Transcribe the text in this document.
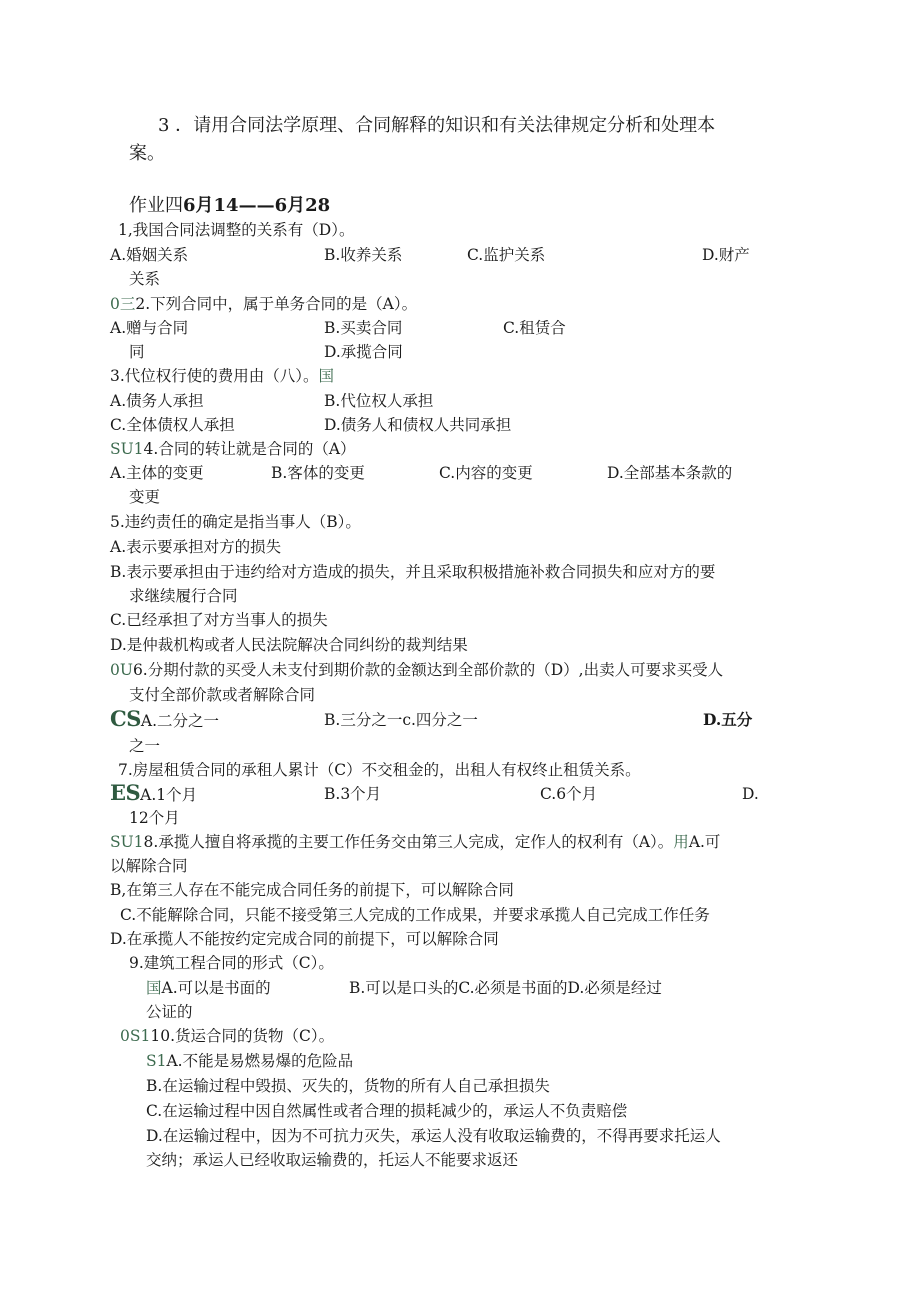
3 ．请用合同法学原理、合同解释的知识和有关法律规定分析和处理本
案。
作业四6月14——6月28
1,我国合同法调整的关系有（D）。
A.婚姻关系	B.收养关系	C.监护关系	D.财产
关系
0三2.下列合同中，属于单务合同的是（A）。
A.赠与合同	B.买卖合同	C.租赁合
同	D.承揽合同
3.代位权行使的费用由（八）。国
A.债务人承担	B.代位权人承担
C.全体债权人承担	D.债务人和债权人共同承担
SU14.合同的转让就是合同的（A）
A.主体的变更	B.客体的变更	C.内容的变更	D.全部基本条款的
变更
5.违约责任的确定是指当事人（B）。
A.表示要承担对方的损失
B.表示要承担由于违约给对方造成的损失，并且采取积极措施补救合同损失和应对方的要
求继续履行合同
C.已经承担了对方当事人的损失
D.是仲裁机构或者人民法院解决合同纠纷的裁判结果
0U6.分期付款的买受人未支付到期价款的金额达到全部价款的（D）,出卖人可要求买受人
支付全部价款或者解除合同
CSA.二分之一	B.三分之一c.四分之一	D.五分
之一
7.房屋租赁合同的承租人累计（C）不交租金的，出租人有权终止租赁关系。
ESA.1个月	B.3个月	C.6个月	D.
12个月
SU18.承揽人擅自将承揽的主要工作任务交由第三人完成，定作人的权利有（A）。用A.可
以解除合同
B,在第三人存在不能完成合同任务的前提下，可以解除合同
C.不能解除合同，只能不接受第三人完成的工作成果，并要求承揽人自己完成工作任务
D.在承揽人不能按约定完成合同的前提下，可以解除合同
9.建筑工程合同的形式（C）。
国A.可以是书面的	B.可以是口头的C.必须是书面的D.必须是经过
公证的
0S110.货运合同的货物（C）。
S1A.不能是易燃易爆的危险品
B.在运输过程中毁损、灭失的，货物的所有人自己承担损失
C.在运输过程中因自然属性或者合理的损耗减少的，承运人不负责赔偿
D.在运输过程中，因为不可抗力灭失，承运人没有收取运输费的，不得再要求托运人
交纳；承运人已经收取运输费的，托运人不能要求返还
